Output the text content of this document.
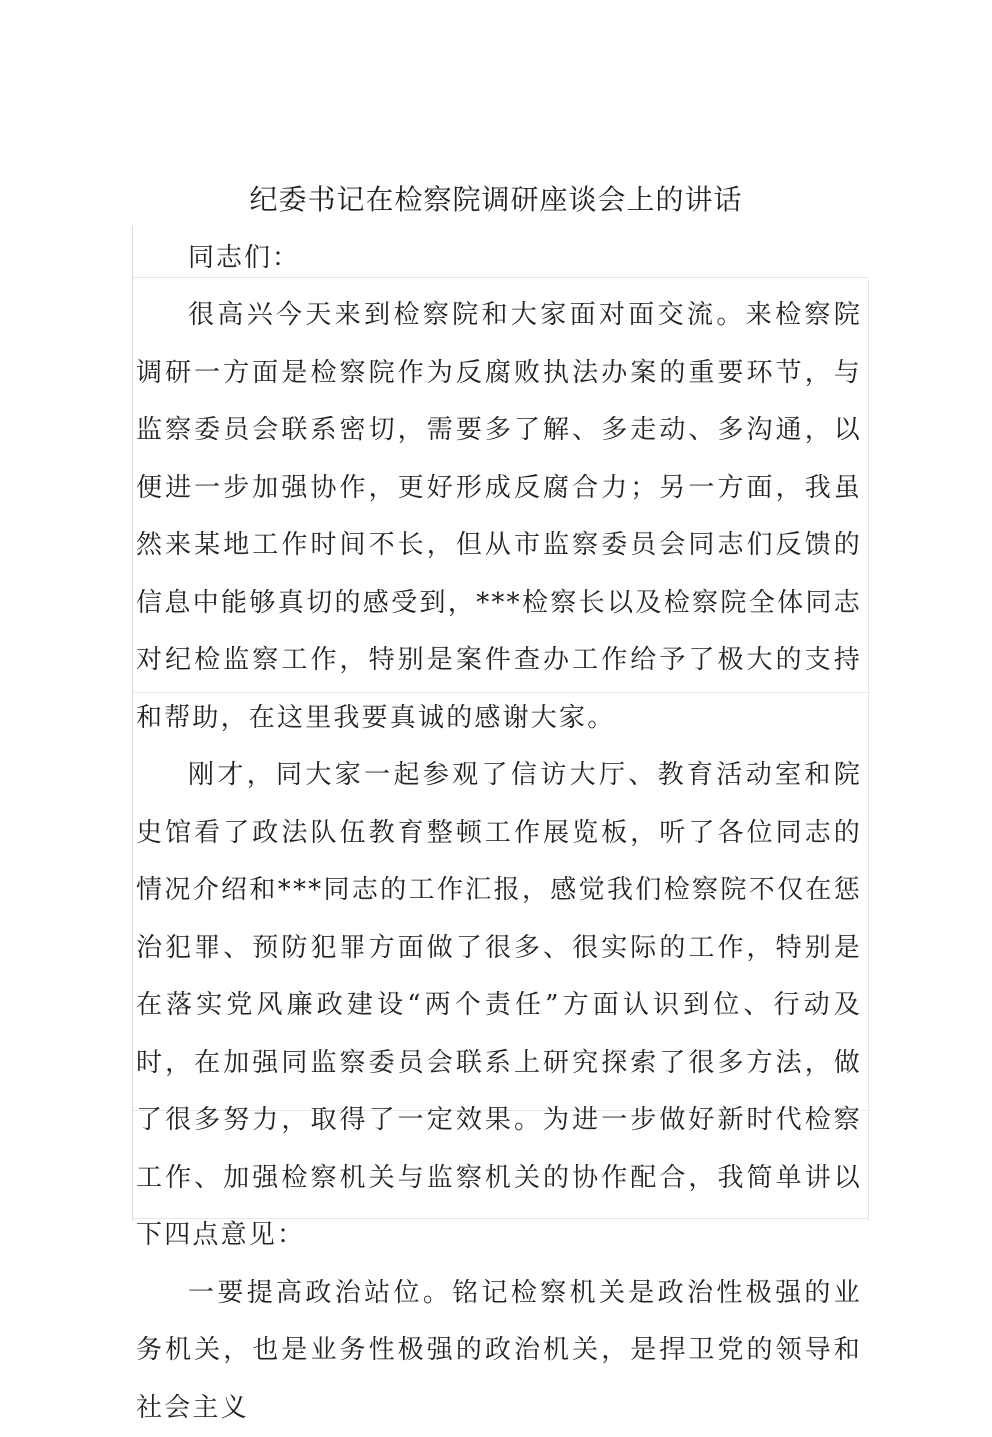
纪委书记在检察院调研座谈会上的讲话

同志们：

很高兴今天来到检察院和大家面对面交流。来检察院调研一方面是检察院作为反腐败执法办案的重要环节，与监察委员会联系密切，需要多了解、多走动、多沟通，以便进一步加强协作，更好形成反腐合力；另一方面，我虽然来某地工作时间不长，但从市监察委员会同志们反馈的信息中能够真切的感受到，***检察长以及检察院全体同志对纪检监察工作，特别是案件查办工作给予了极大的支持和帮助，在这里我要真诚的感谢大家。

刚才，同大家一起参观了信访大厅、教育活动室和院史馆看了政法队伍教育整顿工作展览板，听了各位同志的情况介绍和***同志的工作汇报，感觉我们检察院不仅在惩治犯罪、预防犯罪方面做了很多、很实际的工作，特别是在落实党风廉政建设“两个责任”方面认识到位、行动及时，在加强同监察委员会联系上研究探索了很多方法，做了很多努力，取得了一定效果。为进一步做好新时代检察工作、加强检察机关与监察机关的协作配合，我简单讲以下四点意见：

一要提高政治站位。铭记检察机关是政治性极强的业务机关，也是业务性极强的政治机关，是捍卫党的领导和社会主义
